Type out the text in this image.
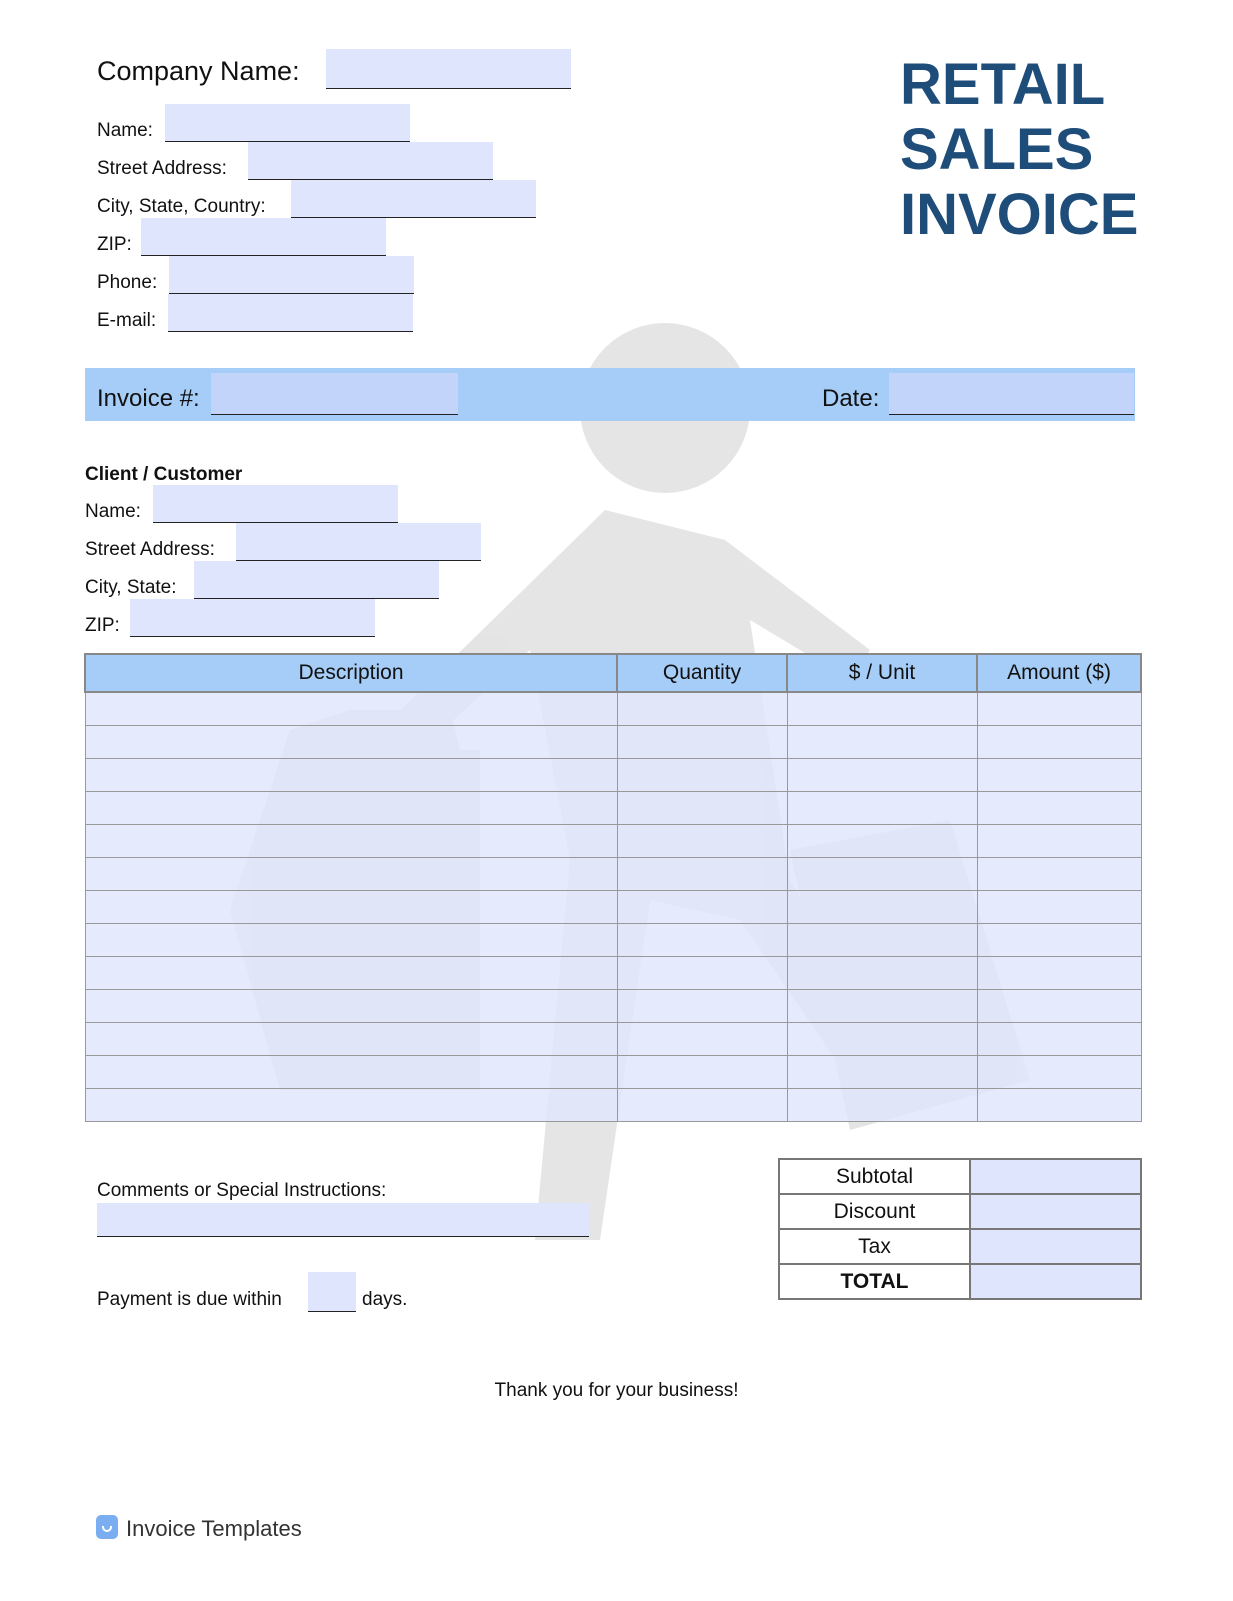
RETAIL
SALES
INVOICE
Company Name:
Name:
Street Address:
City, State, Country:
ZIP:
Phone:
E-mail:
Invoice #:	Date:
Client / Customer
Name:
Street Address:
City, State:
ZIP:
Description	Quantity	$ / Unit	Amount ($)

Comments or Special Instructions:
Payment is due within	days.
Subtotal	
Discount	
Tax	
TOTAL	
Thank you for your business!
Invoice Templates
